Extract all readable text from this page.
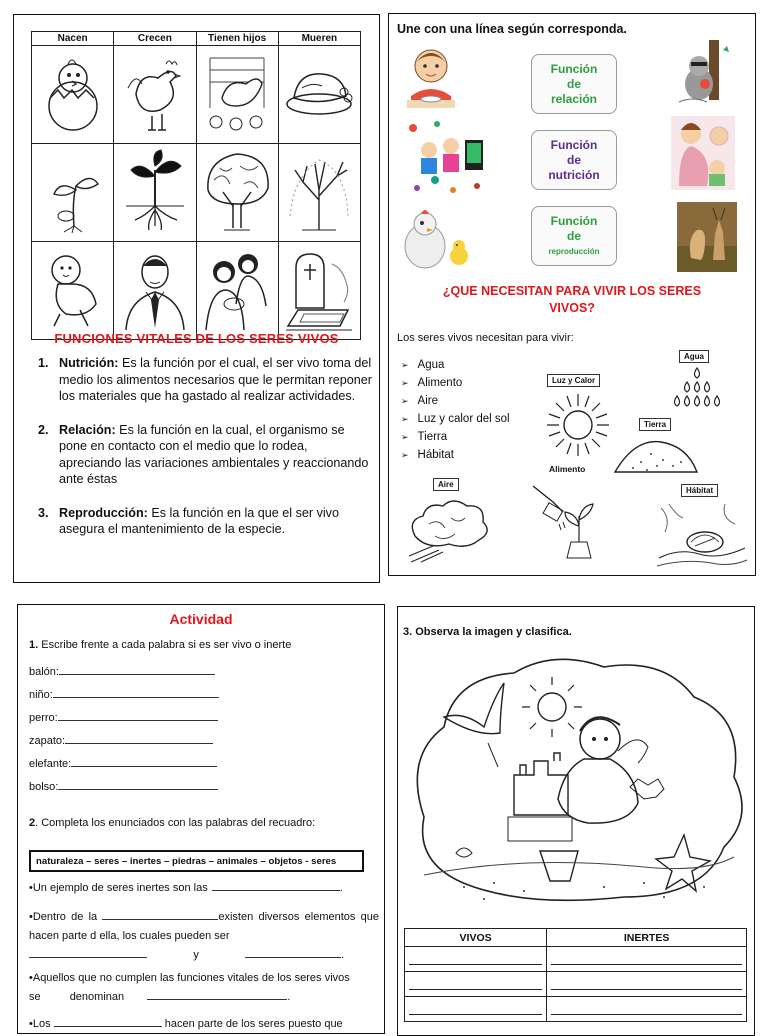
Nacen	Crecen	Tienen hijos	Mueren

FUNCIONES VITALES DE LOS SERES VIVOS
1. Nutrición: Es la función por el cual, el ser vivo toma del medio los alimentos necesarios que le permitan reponer los materiales que ha gastado al realizar actividades.
2. Relación: Es la función en la cual, el organismo se pone en contacto con el medio que lo rodea, apreciando las variaciones ambientales y reaccionando ante éstas
3. Reproducción: Es la función en la que el ser vivo asegura el mantenimiento de la especie.
Une con una línea según corresponda.
Función
de
relación
Función
de
nutrición
Función
de
reproducción
¿QUE NECESITAN PARA VIVIR LOS SERES VIVOS?
Los seres vivos necesitan para vivir:
➢ Agua
➢ Alimento
➢ Aire
➢ Luz y calor del sol
➢ Tierra
➢ Hábitat
Agua
Luz y Calor
Tierra
Alimento
Aire
Hábitat
Actividad
1. Escribe frente a cada palabra si es ser vivo o inerte
balón:
niño:
perro:
zapato:
elefante:
bolso:
2. Completa los enunciados con las palabras del recuadro:
naturaleza – seres – inertes – piedras – animales – objetos - seres
•Un ejemplo de seres inertes son las	.
•Dentro de la	existen diversos elementos que hacen parte d ella, los cuales pueden ser
y	.
•Aquellos que no cumplen las funciones vitales de los seres vivos se	denominan	.
•Los	hacen parte de los seres puesto que
3. Observa la imagen y clasifica.
VIVOS	INERTES
